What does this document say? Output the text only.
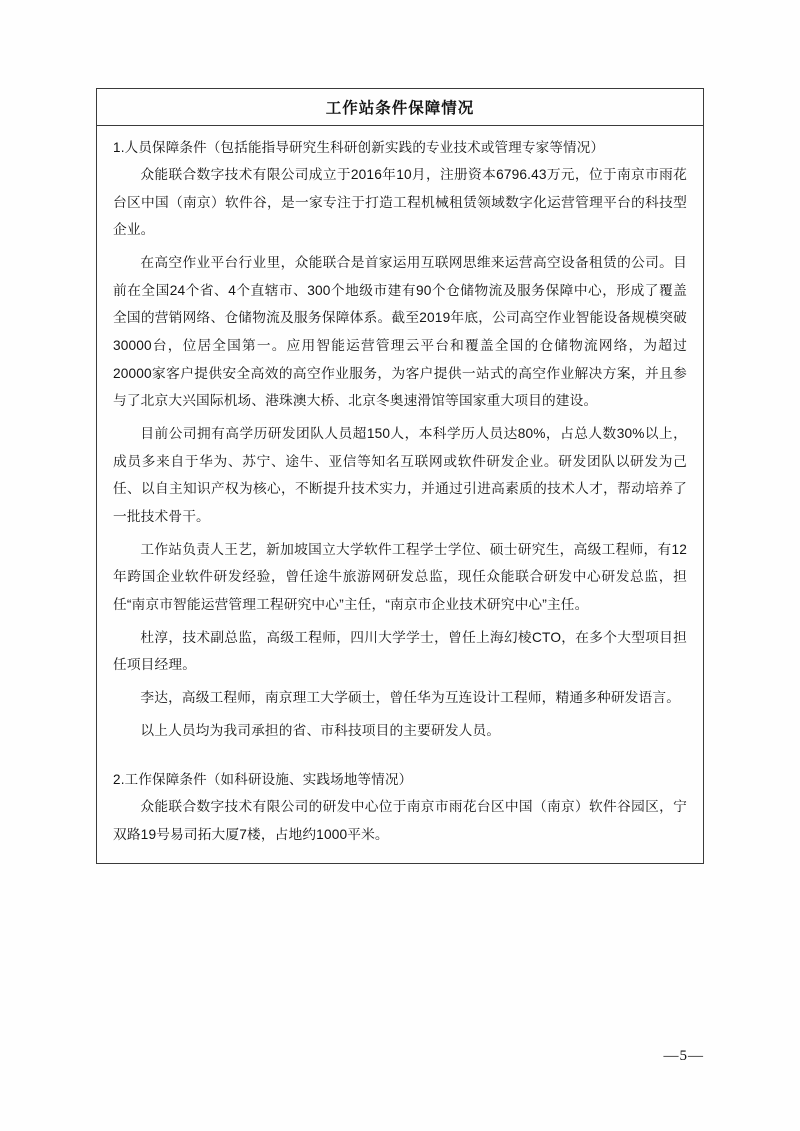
工作站条件保障情况
1.人员保障条件（包括能指导研究生科研创新实践的专业技术或管理专家等情况）

众能联合数字技术有限公司成立于2016年10月，注册资本6796.43万元，位于南京市雨花台区中国（南京）软件谷，是一家专注于打造工程机械租赁领域数字化运营管理平台的科技型企业。

在高空作业平台行业里，众能联合是首家运用互联网思维来运营高空设备租赁的公司。目前在全国24个省、4个直辖市、300个地级市建有90个仓储物流及服务保障中心，形成了覆盖全国的营销网络、仓储物流及服务保障体系。截至2019年底，公司高空作业智能设备规模突破30000台，位居全国第一。应用智能运营管理云平台和覆盖全国的仓储物流网络，为超过20000家客户提供安全高效的高空作业服务，为客户提供一站式的高空作业解决方案，并且参与了北京大兴国际机场、港珠澳大桥、北京冬奥速滑馆等国家重大项目的建设。

目前公司拥有高学历研发团队人员超150人，本科学历人员达80%，占总人数30%以上，成员多来自于华为、苏宁、途牛、亚信等知名互联网或软件研发企业。研发团队以研发为己任、以自主知识产权为核心，不断提升技术实力，并通过引进高素质的技术人才，帮动培养了一批技术骨干。

工作站负责人王艺，新加坡国立大学软件工程学士学位、硕士研究生，高级工程师，有12年跨国企业软件研发经验，曾任途牛旅游网研发总监，现任众能联合研发中心研发总监，担任“南京市智能运营管理工程研究中心”主任，“南京市企业技术研究中心”主任。

杜淳，技术副总监，高级工程师，四川大学学士，曾任上海幻棱CTO，在多个大型项目担任项目经理。

李达，高级工程师，南京理工大学硕士，曾任华为互连设计工程师，精通多种研发语言。

以上人员均为我司承担的省、市科技项目的主要研发人员。

2.工作保障条件（如科研设施、实践场地等情况）

众能联合数字技术有限公司的研发中心位于南京市雨花台区中国（南京）软件谷园区，宁双路19号易司拓大厦7楼，占地约1000平米。

—5—
